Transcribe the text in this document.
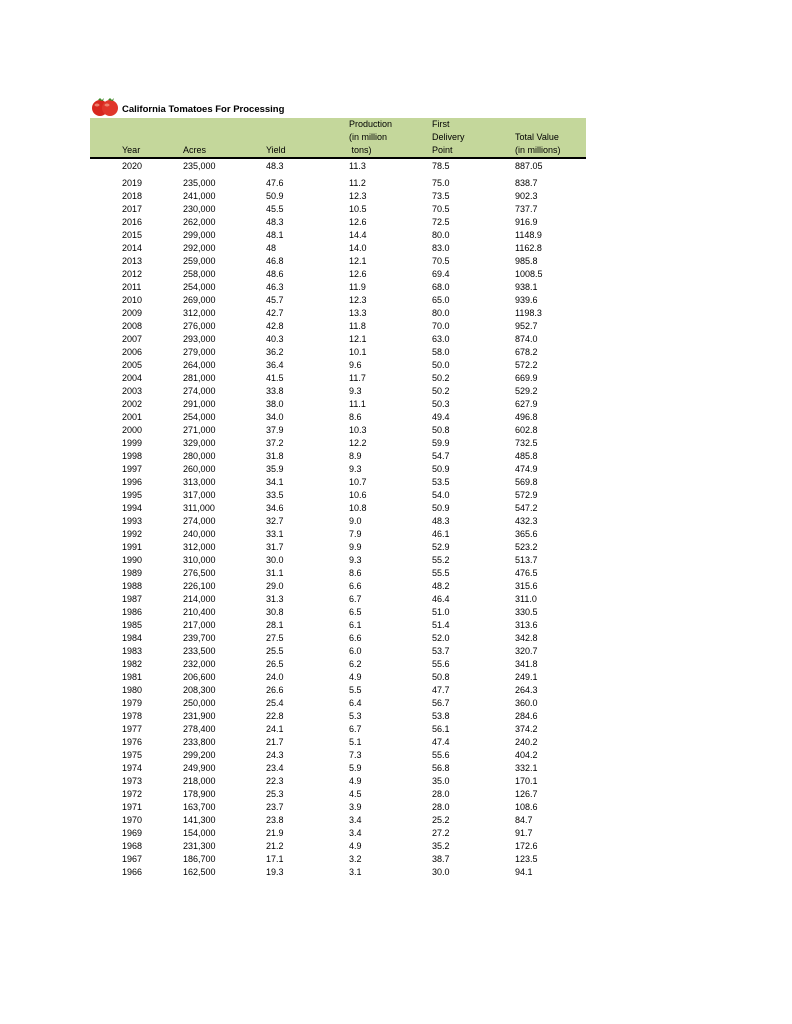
California Tomatoes For Processing
Year	Acres	Yield
Production
(in million
tons)
First
Delivery
Point
Total Value
(in millions)
2020	235,000	48.3	11.3	78.5	887.05
2019	235,000	47.6	11.2	75.0	838.7
2018	241,000	50.9	12.3	73.5	902.3
2017	230,000	45.5	10.5	70.5	737.7
2016	262,000	48.3	12.6	72.5	916.9
2015	299,000	48.1	14.4	80.0	1148.9
2014	292,000	48	14.0	83.0	1162.8
2013	259,000	46.8	12.1	70.5	985.8
2012	258,000	48.6	12.6	69.4	1008.5
2011	254,000	46.3	11.9	68.0	938.1
2010	269,000	45.7	12.3	65.0	939.6
2009	312,000	42.7	13.3	80.0	1198.3
2008	276,000	42.8	11.8	70.0	952.7
2007	293,000	40.3	12.1	63.0	874.0
2006	279,000	36.2	10.1	58.0	678.2
2005	264,000	36.4	9.6	50.0	572.2
2004	281,000	41.5	11.7	50.2	669.9
2003	274,000	33.8	9.3	50.2	529.2
2002	291,000	38.0	11.1	50.3	627.9
2001	254,000	34.0	8.6	49.4	496.8
2000	271,000	37.9	10.3	50.8	602.8
1999	329,000	37.2	12.2	59.9	732.5
1998	280,000	31.8	8.9	54.7	485.8
1997	260,000	35.9	9.3	50.9	474.9
1996	313,000	34.1	10.7	53.5	569.8
1995	317,000	33.5	10.6	54.0	572.9
1994	311,000	34.6	10.8	50.9	547.2
1993	274,000	32.7	9.0	48.3	432.3
1992	240,000	33.1	7.9	46.1	365.6
1991	312,000	31.7	9.9	52.9	523.2
1990	310,000	30.0	9.3	55.2	513.7
1989	276,500	31.1	8.6	55.5	476.5
1988	226,100	29.0	6.6	48.2	315.6
1987	214,000	31.3	6.7	46.4	311.0
1986	210,400	30.8	6.5	51.0	330.5
1985	217,000	28.1	6.1	51.4	313.6
1984	239,700	27.5	6.6	52.0	342.8
1983	233,500	25.5	6.0	53.7	320.7
1982	232,000	26.5	6.2	55.6	341.8
1981	206,600	24.0	4.9	50.8	249.1
1980	208,300	26.6	5.5	47.7	264.3
1979	250,000	25.4	6.4	56.7	360.0
1978	231,900	22.8	5.3	53.8	284.6
1977	278,400	24.1	6.7	56.1	374.2
1976	233,800	21.7	5.1	47.4	240.2
1975	299,200	24.3	7.3	55.6	404.2
1974	249,900	23.4	5.9	56.8	332.1
1973	218,000	22.3	4.9	35.0	170.1
1972	178,900	25.3	4.5	28.0	126.7
1971	163,700	23.7	3.9	28.0	108.6
1970	141,300	23.8	3.4	25.2	84.7
1969	154,000	21.9	3.4	27.2	91.7
1968	231,300	21.2	4.9	35.2	172.6
1967	186,700	17.1	3.2	38.7	123.5
1966	162,500	19.3	3.1	30.0	94.1
